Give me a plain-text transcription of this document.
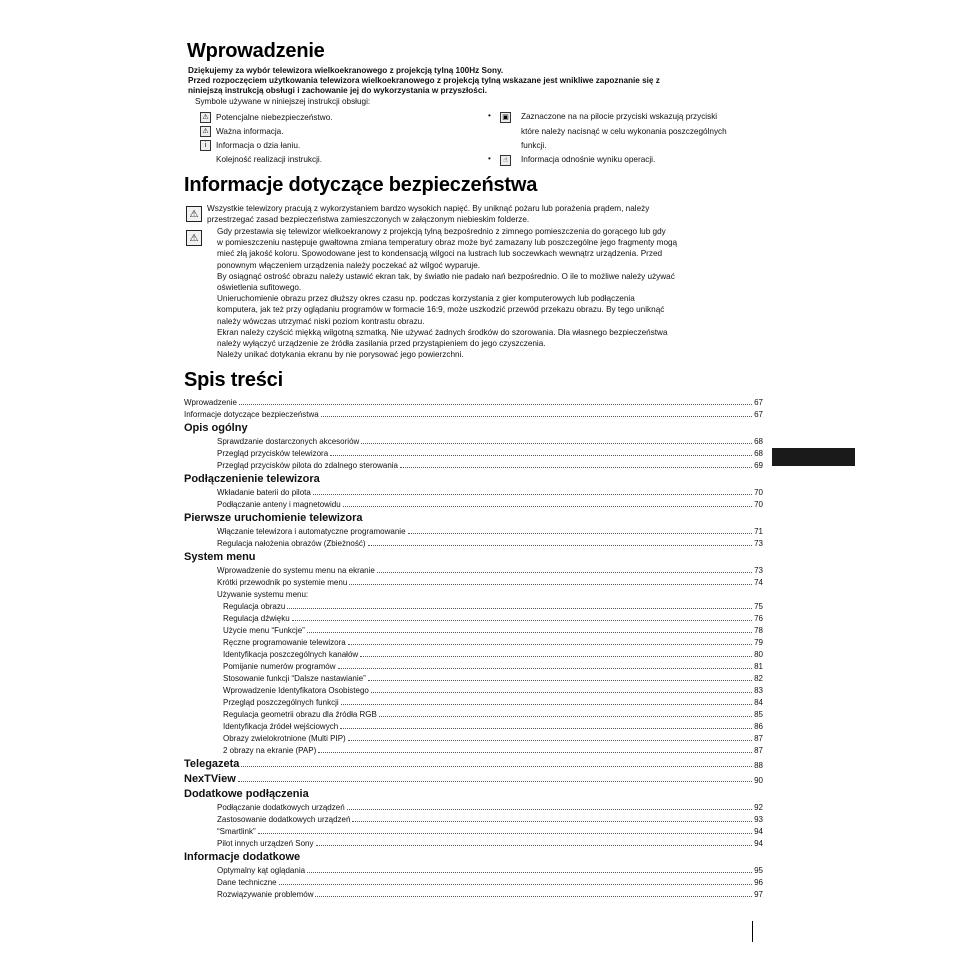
Wprowadzenie
Dziękujemy za wybór telewizora wielkoekranowego z projekcją tylną 100Hz Sony.
Przed rozpoczęciem użytkowania telewizora wielkoekranowego z projekcją tylną wskazane jest wnikliwe zapoznanie się z
niniejszą instrukcją obsługi i zachowanie jej do wykorzystania w przyszłości.
Symbole używane w niniejszej instrukcji obsługi:
⚠ Potencjalne niebezpieczeństwo.
⚠ Ważna informacja.
i	Informacja o dzia łaniu.
Kolejność realizacji instrukcji.
•	▣ Zaznaczone na na pilocie przyciski wskazują przyciski
które należy nacisnąć w celu wykonania poszczególnych
funkcji.
•	☝	Informacja odnośnie wyniku operacji.
Informacje dotyczące bezpieczeństwa
⚠
⚠
Wszystkie telewizory pracują z wykorzystaniem bardzo wysokich napięć. By uniknąć pożaru lub porażenia prądem, należy
przestrzegać zasad bezpieczeństwa zamieszczonych w załączonym niebieskim folderze.
Gdy przestawia się telewizor wielkoekranowy z projekcją tylną bezpośrednio z zimnego pomieszczenia do gorącego lub gdy
w pomieszczeniu następuje gwałtowna zmiana temperatury obraz może być zamazany lub poszczególne jego fragmenty mogą
mieć złą jakość koloru. Spowodowane jest to kondensacją wilgoci na lustrach lub soczewkach wewnątrz urządzenia. Przed
ponownym włączeniem urządzenia należy poczekać aż wilgoć wyparuje.
By osiągnąć ostrość obrazu należy ustawić ekran tak, by światło nie padało nań bezpośrednio. O ile to możliwe należy używać
oświetlenia sufitowego.
Unieruchomienie obrazu przez dłuższy okres czasu np. podczas korzystania z gier komputerowych lub podłączenia
komputera, jak też przy oglądaniu programów w formacie 16:9, może uszkodzić przewód przekazu obrazu. By tego uniknąć
należy wówczas utrzymać niski poziom kontrastu obrazu.
Ekran należy czyścić miękką wilgotną szmatką. Nie używać żadnych środków do szorowania. Dla własnego bezpieczeństwa
należy wyłączyć urządzenie ze źródła zasilania przed przystąpieniem do jego czyszczenia.
Należy unikać dotykania ekranu by nie porysować jego powierzchni.
Spis treści
Wprowadzenie	67
Informacje dotyczące bezpieczeństwa	67
Opis ogólny
Sprawdzanie dostarczonych akcesoriów	68
Przegląd przycisków telewizora	68
Przegląd przycisków pilota do zdalnego sterowania	69
Podłączenienie telewizora
Wkładanie baterii do pilota	70
Podłączanie anteny i magnetowidu	70
Pierwsze uruchomienie telewizora
Włączanie telewizora i automatyczne programowanie	71
Regulacja nałożenia obrazów (Zbieżność)	73
System menu
Wprowadzenie do systemu menu na ekranie	73
Krótki przewodnik po systemie menu	74
Używanie systemu menu:
Regulacja obrazu	75
Regulacja dźwięku	76
Użycie menu “Funkcje”	78
Ręczne programowanie telewizora	79
Identyfikacja poszczególnych kanałów	80
Pomijanie numerów programów	81
Stosowanie funkcji “Dalsze nastawianie”	82
Wprowadzenie Identyfikatora Osobistego	83
Przegląd poszczególnych funkcji	84
Regulacja geometrii obrazu dla źródła RGB	85
Identyfikacja źródeł wejściowych	86
Obrazy zwielokrotnione (Multi PIP)	87
2 obrazy na ekranie (PAP)	87
Telegazeta	88
NexTView	90
Dodatkowe podłączenia
Podłączanie dodatkowych urządzeń	92
Zastosowanie dodatkowych urządzeń	93
“Smartlink”	94
Pilot innych urządzeń Sony	94
Informacje dodatkowe
Optymalny kąt oglądania	95
Dane techniczne	96
Rozwiązywanie problemów	97
